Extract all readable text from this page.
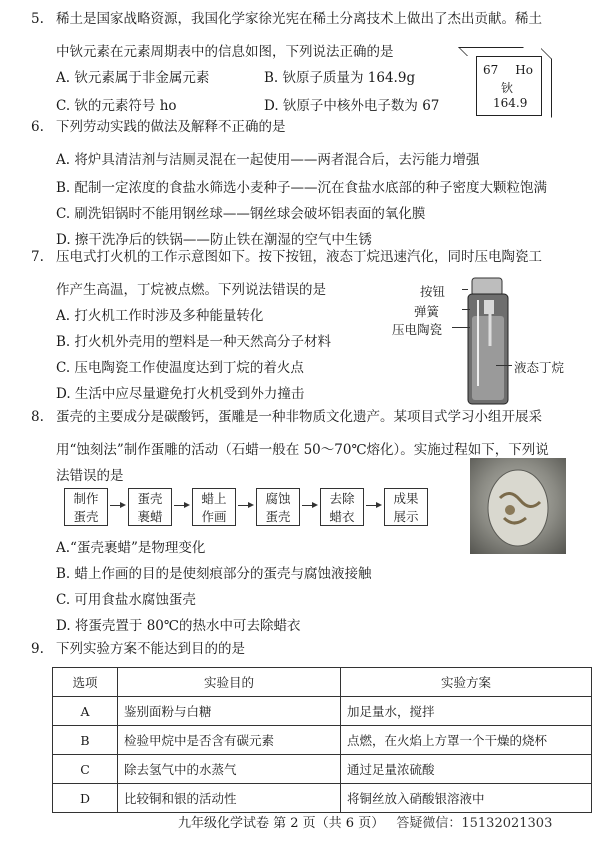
5. 稀土是国家战略资源，我国化学家徐光宪在稀土分离技术上做出了杰出贡献。稀土
中钬元素在元素周期表中的信息如图，下列说法正确的是
A. 钬元素属于非金属元素	B. 钬原子质量为 164.9g
C. 钬的元素符号 ho	D. 钬原子中核外电子数为 67
67 Ho
钬
164.9
6. 下列劳动实践的做法及解释不正确的是
A. 将炉具清洁剂与洁厕灵混在一起使用——两者混合后，去污能力增强
B. 配制一定浓度的食盐水筛选小麦种子——沉在食盐水底部的种子密度大颗粒饱满
C. 刷洗铝锅时不能用钢丝球——钢丝球会破坏铝表面的氧化膜
D. 擦干洗净后的铁锅——防止铁在潮湿的空气中生锈
7. 压电式打火机的工作示意图如下。按下按钮，液态丁烷迅速汽化，同时压电陶瓷工
作产生高温，丁烷被点燃。下列说法错误的是
A. 打火机工作时涉及多种能量转化
B. 打火机外壳用的塑料是一种天然高分子材料
C. 压电陶瓷工作使温度达到丁烷的着火点
D. 生活中应尽量避免打火机受到外力撞击
按钮
弹簧
压电陶瓷
液态丁烷
8. 蛋壳的主要成分是碳酸钙，蛋雕是一种非物质文化遗产。某项目式学习小组开展采
用“蚀刻法”制作蛋雕的活动（石蜡一般在 50～70℃熔化）。实施过程如下，下列说
法错误的是
制作
蛋壳
蛋壳
裹蜡
蜡上
作画
腐蚀
蛋壳
去除
蜡衣
成果
展示
A.“蛋壳裹蜡”是物理变化
B. 蜡上作画的目的是使刻痕部分的蛋壳与腐蚀液接触
C. 可用食盐水腐蚀蛋壳
D. 将蛋壳置于 80℃的热水中可去除蜡衣
9. 下列实验方案不能达到目的的是
选项	实验目的	实验方案
A	鉴别面粉与白糖	加足量水，搅拌
B	检验甲烷中是否含有碳元素	点燃，在火焰上方罩一个干燥的烧杯
C	除去氢气中的水蒸气	通过足量浓硫酸
D	比较铜和银的活动性	将铜丝放入硝酸银溶液中
九年级化学试卷 第 2 页（共 6 页） 答疑微信：15132021303
